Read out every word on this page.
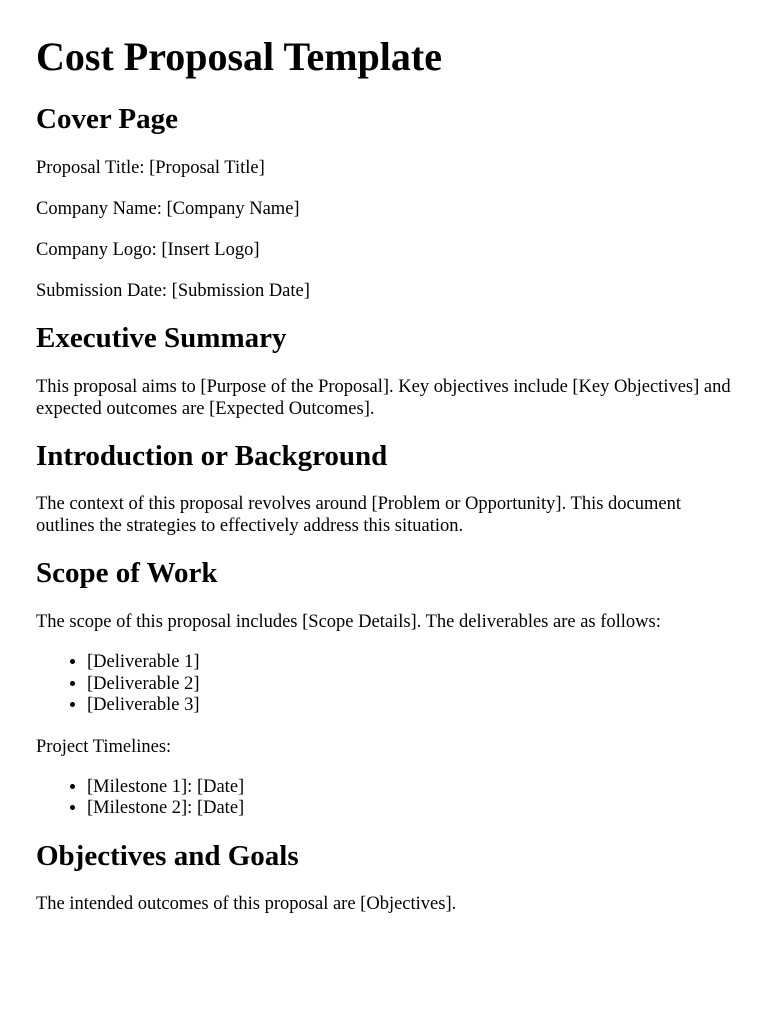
Cost Proposal Template
Cover Page

Proposal Title: [Proposal Title]

Company Name: [Company Name]

Company Logo: [Insert Logo]

Submission Date: [Submission Date]

Executive Summary

This proposal aims to [Purpose of the Proposal]. Key objectives include [Key Objectives] and expected outcomes are [Expected Outcomes].

Introduction or Background

The context of this proposal revolves around [Problem or Opportunity]. This document outlines the strategies to effectively address this situation.

Scope of Work

The scope of this proposal includes [Scope Details]. The deliverables are as follows:

• [Deliverable 1]
• [Deliverable 2]
• [Deliverable 3]

Project Timelines:

• [Milestone 1]: [Date]
• [Milestone 2]: [Date]
Objectives and Goals

The intended outcomes of this proposal are [Objectives].
